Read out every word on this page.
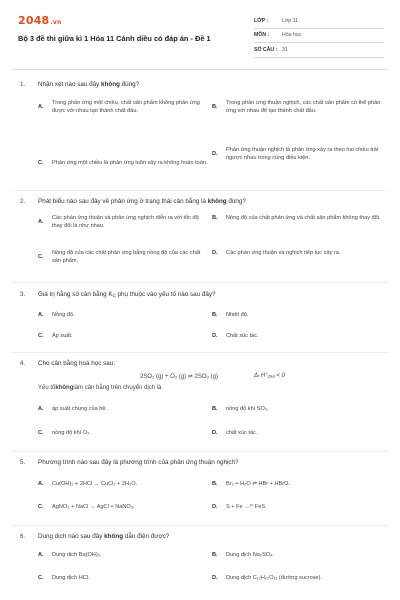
2048.vn
Bộ 3 đề thi giữa kì 1 Hóa 11 Cánh diều có đáp án - Đề 1
LỚP :	Lớp 11
MÔN :	Hóa học
SỐ CÂU : 31
1.	Nhận xét nào sau đây không đúng?
A.
Trong phản ứng một chiều, chất sản phẩm không phản ứng được với nhau tạo thành chất đầu.
B.
Trong phản ứng thuận nghịch, các chất sản phẩm có thể phản ứng với nhau để tạo thành chất đầu.
C.	Phản ứng một chiều là phản ứng luôn xảy ra không hoàn toàn.
D.
Phản ứng thuận nghịch là phản ứng xảy ra theo hai chiều trái ngược nhau trong cùng điều kiện.
2.	Phát biểu nào sau đây về phản ứng ở trạng thái cân bằng là không đúng?
A.
Các phản ứng thuận và phản ứng nghịch diễn ra với tốc độ thay đổi là như nhau.
B.	Nồng độ của chất phản ứng và chất sản phẩm không thay đổi.
C.
Nồng độ của các chất phản ứng bằng nồng độ của các chất sản phẩm.
D.	Các phản ứng thuận và nghịch tiếp tục xảy ra.
3.	Giá trị hằng số cân bằng $K_C$ phụ thuộc vào yếu tố nào sau đây?
A.	Nồng độ.	B.	Nhiệt độ.
C.	Áp suất.	D.	Chất xúc tác.
4.	Cho cân bằng hoá học sau:
2SO₂ (g) + O₂ (g) ⇌ 2SO₃ (g)	Δᵣ H°₂₉₈ < 0
Yếu tố không làm cân bằng trên chuyển dịch là
A.	áp suất chung của hệ.	B.	nồng độ khí SO₃.
C.	nồng độ khí O₂.	D.	chất xúc tác.
5.	Phương trình nào sau đây là phương trình của phản ứng thuận nghịch?
A.	Cu(OH)₂ + 2HCl → CuCl₂ + 2H₂O.	B.	Br₂ + H₂O ⇌ HBr + HBrO.
C.	AgNO₃ + NaCl → AgCl + NaNO₃.	D.	S + Fe →ᵗ° FeS.
6.	Dung dịch nào sau đây không dẫn điện được?
A.	Dung dịch Ba(OH)₂.	B.	Dung dịch Na₂SO₄.
C.	Dung dịch HCl.	D.	Dung dịch C₁₂H₂₂O₁₁ (đường sucrose).
